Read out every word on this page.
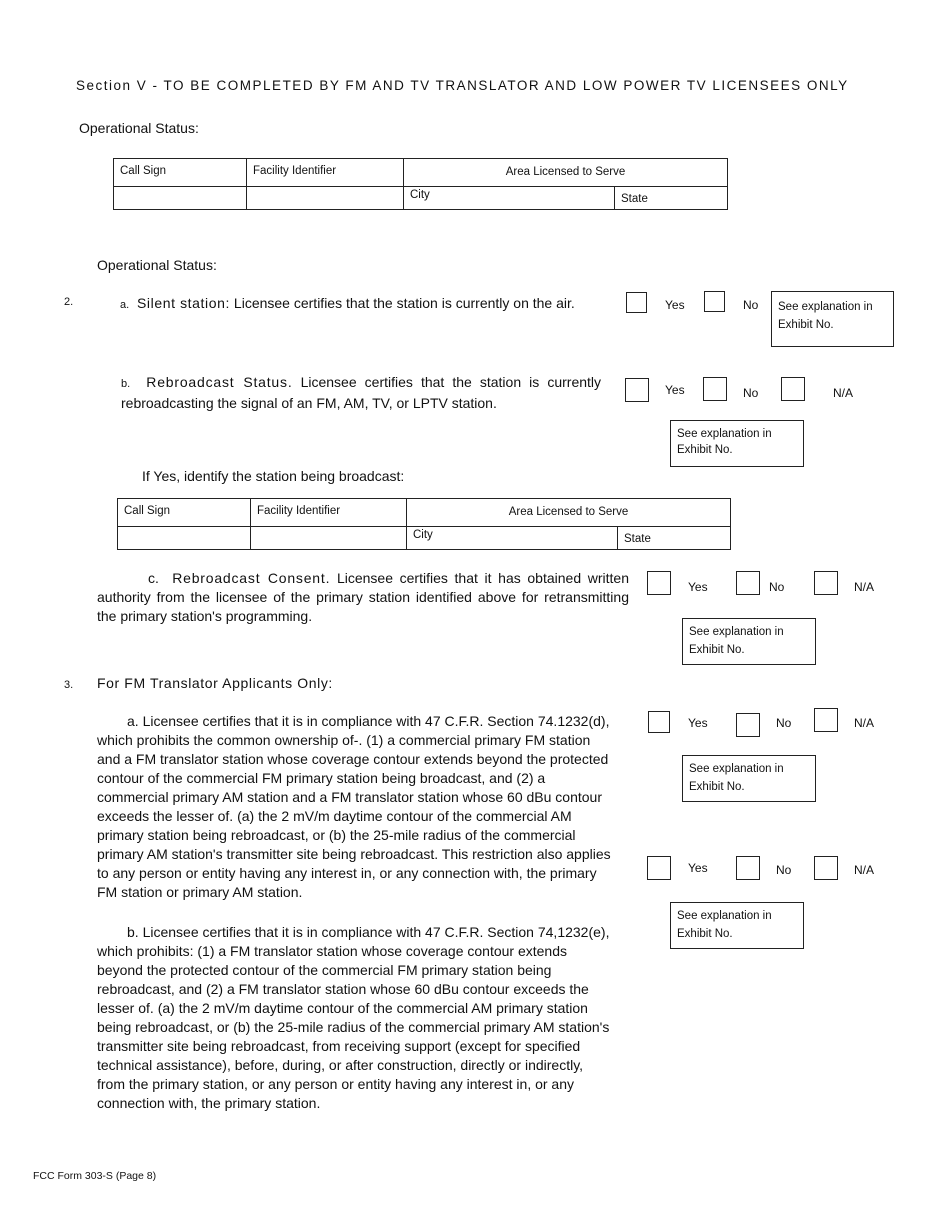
Section V - TO BE COMPLETED BY FM AND TV TRANSLATOR AND LOW POWER TV LICENSEES ONLY
Operational Status:
Call Sign	Facility Identifier	Area Licensed to Serve	
		City	State
Operational Status:
2.	a. Silent station: Licensee certifies that the station is currently on the air.	Yes	No See explanation in
Exhibit No.
b. Rebroadcast Status. Licensee certifies that the station is currently rebroadcasting the signal of an FM, AM, TV, or LPTV station.
Yes	No	N/A
See explanation in
Exhibit No.
If Yes, identify the station being broadcast:
Call Sign	Facility Identifier	Area Licensed to Serve	
		City	State
c. Rebroadcast Consent. Licensee certifies that it has obtained written authority from the licensee of the primary station identified above for retransmitting the primary station's programming.
Yes	No	N/A
See explanation in
Exhibit No.
3. For FM Translator Applicants Only:
a. Licensee certifies that it is in compliance with 47 C.F.R. Section 74.1232(d), which prohibits the common ownership of-. (1) a commercial primary FM station and a FM translator station whose coverage contour extends beyond the protected contour of the commercial FM primary station being broadcast, and (2) a commercial primary AM station and a FM translator station whose 60 dBu contour exceeds the lesser of. (a) the 2 mV/m daytime contour of the commercial AM primary station being rebroadcast, or (b) the 25-mile radius of the commercial primary AM station's transmitter site being rebroadcast. This restriction also applies to any person or entity having any interest in, or any connection with, the primary FM station or primary AM station.
Yes	No	N/A
See explanation in
Exhibit No.
Yes	No	N/A
See explanation in
Exhibit No.
b. Licensee certifies that it is in compliance with 47 C.F.R. Section 74,1232(e), which prohibits: (1) a FM translator station whose coverage contour extends beyond the protected contour of the commercial FM primary station being rebroadcast, and (2) a FM translator station whose 60 dBu contour exceeds the lesser of. (a) the 2 mV/m daytime contour of the commercial AM primary station being rebroadcast, or (b) the 25-mile radius of the commercial primary AM station's transmitter site being rebroadcast, from receiving support (except for specified technical assistance), before, during, or after construction, directly or indirectly, from the primary station, or any person or entity having any interest in, or any connection with, the primary station.
FCC Form 303-S (Page 8)
